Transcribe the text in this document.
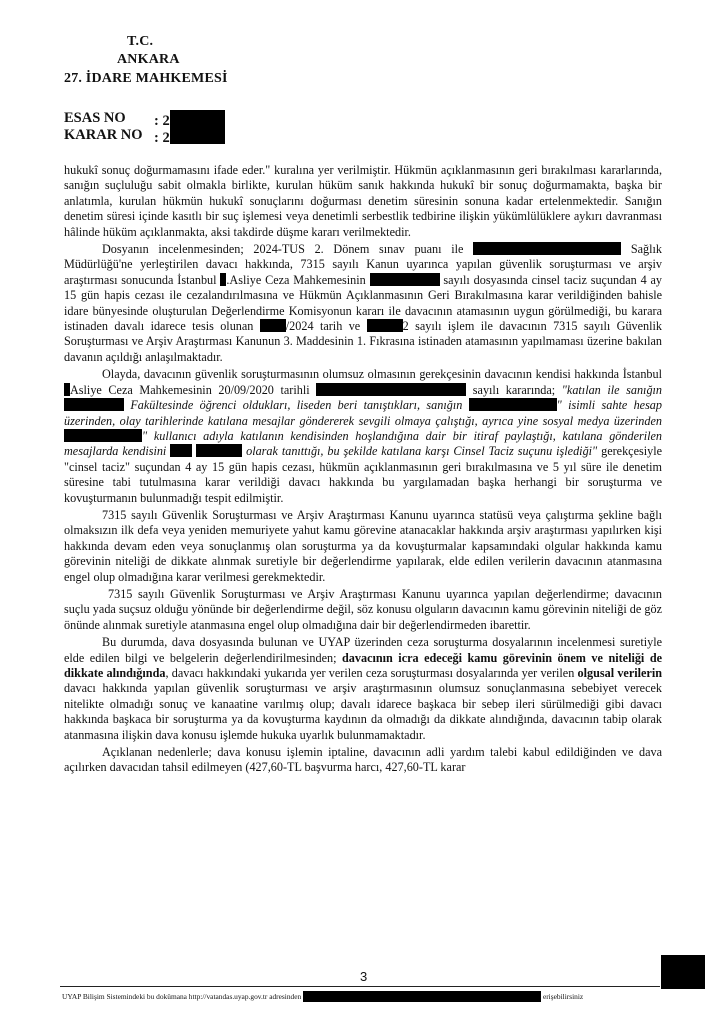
T.C.
ANKARA
27. İDARE MAHKEMESİ
ESAS NO : 2
KARAR NO : 2

hukukî sonuç doğurmamasını ifade eder." kuralına yer verilmiştir. Hükmün açıklanmasının geri bırakılması kararlarında, sanığın suçluluğu sabit olmakla birlikte, kurulan hüküm sanık hakkında hukukî bir sonuç doğurmamakta, başka bir anlatımla, kurulan hükmün hukukî sonuçlarını doğurması denetim süresinin sonuna kadar ertelenmektedir. Sanığın denetim süresi içinde kasıtlı bir suç işlemesi veya denetimli serbestlik tedbirine ilişkin yükümlülüklere aykırı davranması hâlinde hüküm açıklanmakta, aksi takdirde düşme kararı verilmektedir.

Dosyanın incelenmesinden; 2024-TUS 2. Dönem sınav puanı ile	Sağlık Müdürlüğü'ne yerleştirilen davacı hakkında, 7315 sayılı Kanun uyarınca yapılan güvenlik soruşturması ve arşiv araştırması sonucunda İstanbul .Asliye Ceza Mahkemesinin	sayılı dosyasında cinsel taciz suçundan 4 ay 15 gün hapis cezası ile cezalandırılmasına ve Hükmün Açıklanmasının Geri Bırakılmasına karar verildiğinden bahisle idare bünyesinde oluşturulan Değerlendirme Komisyonun kararı ile davacının atamasının uygun görülmediği, bu karara istinaden davalı idarece tesis olunan	/2024 tarih ve	2 sayılı işlem ile davacının 7315 sayılı Güvenlik Soruşturması ve Arşiv Araştırması Kanunun 3. Maddesinin 1. Fıkrasına istinaden atamasının yapılmaması üzerine bakılan davanın açıldığı anlaşılmaktadır.

Olayda, davacının güvenlik soruşturmasının olumsuz olmasının gerekçesinin davacının kendisi hakkında İstanbul Asliye Ceza Mahkemesinin 20/09/2020 tarihli	sayılı kararında; "katılan ile sanığın  Fakültesinde öğrenci oldukları, liseden beri tanıştıkları, sanığın	" isimli sahte hesap üzerinden, olay tarihlerinde katılana mesajlar göndererek sevgili olmaya çalıştığı, ayrıca yine sosyal medya üzerinden " kullanıcı adıyla katılanın kendisinden hoşlandığına dair bir itiraf paylaştığı, katılana gönderilen mesajlarda kendisini	olarak tanıttığı, bu şekilde katılana karşı Cinsel Taciz suçunu işlediği" gerekçesiyle "cinsel taciz" suçundan 4 ay 15 gün hapis cezası, hükmün açıklanmasının geri bırakılmasına ve 5 yıl süre ile denetim süresine tabi tutulmasına karar verildiği davacı hakkında bu yargılamadan başka herhangi bir soruşturma ve kovuşturmanın bulunmadığı tespit edilmiştir.

7315 sayılı Güvenlik Soruşturması ve Arşiv Araştırması Kanunu uyarınca statüsü veya çalıştırma şekline bağlı olmaksızın ilk defa veya yeniden memuriyete yahut kamu görevine atanacaklar hakkında arşiv araştırması yapılırken kişi hakkında devam eden veya sonuçlanmış olan soruşturma ya da kovuşturmalar kapsamındaki olgular hakkında kamu görevinin niteliği de dikkate alınmak suretiyle bir değerlendirme yapılarak, elde edilen verilerin davacının atanmasına engel olup olmadığına karar verilmesi gerekmektedir.

7315 sayılı Güvenlik Soruşturması ve Arşiv Araştırması Kanunu uyarınca yapılan değerlendirme; davacının suçlu yada suçsuz olduğu yönünde bir değerlendirme değil, söz konusu olguların davacının kamu görevinin niteliği de göz önünde alınmak suretiyle atanmasına engel olup olmadığına dair bir değerlendirmeden ibarettir.

Bu durumda, dava dosyasında bulunan ve UYAP üzerinden ceza soruşturma dosyalarının incelenmesi suretiyle elde edilen bilgi ve belgelerin değerlendirilmesinden; davacının icra edeceği kamu görevinin önem ve niteliği de dikkate alındığında, davacı hakkındaki yukarıda yer verilen ceza soruşturması dosyalarında yer verilen olgusal verilerin davacı hakkında yapılan güvenlik soruşturması ve arşiv araştırmasının olumsuz sonuçlanmasına sebebiyet verecek nitelikte olmadığı sonuç ve kanaatine varılmış olup; davalı idarece başkaca bir sebep ileri sürülmediği gibi davacı hakkında başkaca bir soruşturma ya da kovuşturma kaydının da olmadığı da dikkate alındığında, davacının tabip olarak atanmasına ilişkin dava konusu işlemde hukuka uyarlık bulunmamaktadır.

Açıklanan nedenlerle; dava konusu işlemin iptaline, davacının adli yardım talebi kabul edildiğinden ve dava açılırken davacıdan tahsil edilmeyen (427,60-TL başvurma harcı, 427,60-TL karar

3
UYAP Bilişim Sistemindeki bu dokümana http://vatandas.uyap.gov.tr adresinden	erişebilirsiniz
